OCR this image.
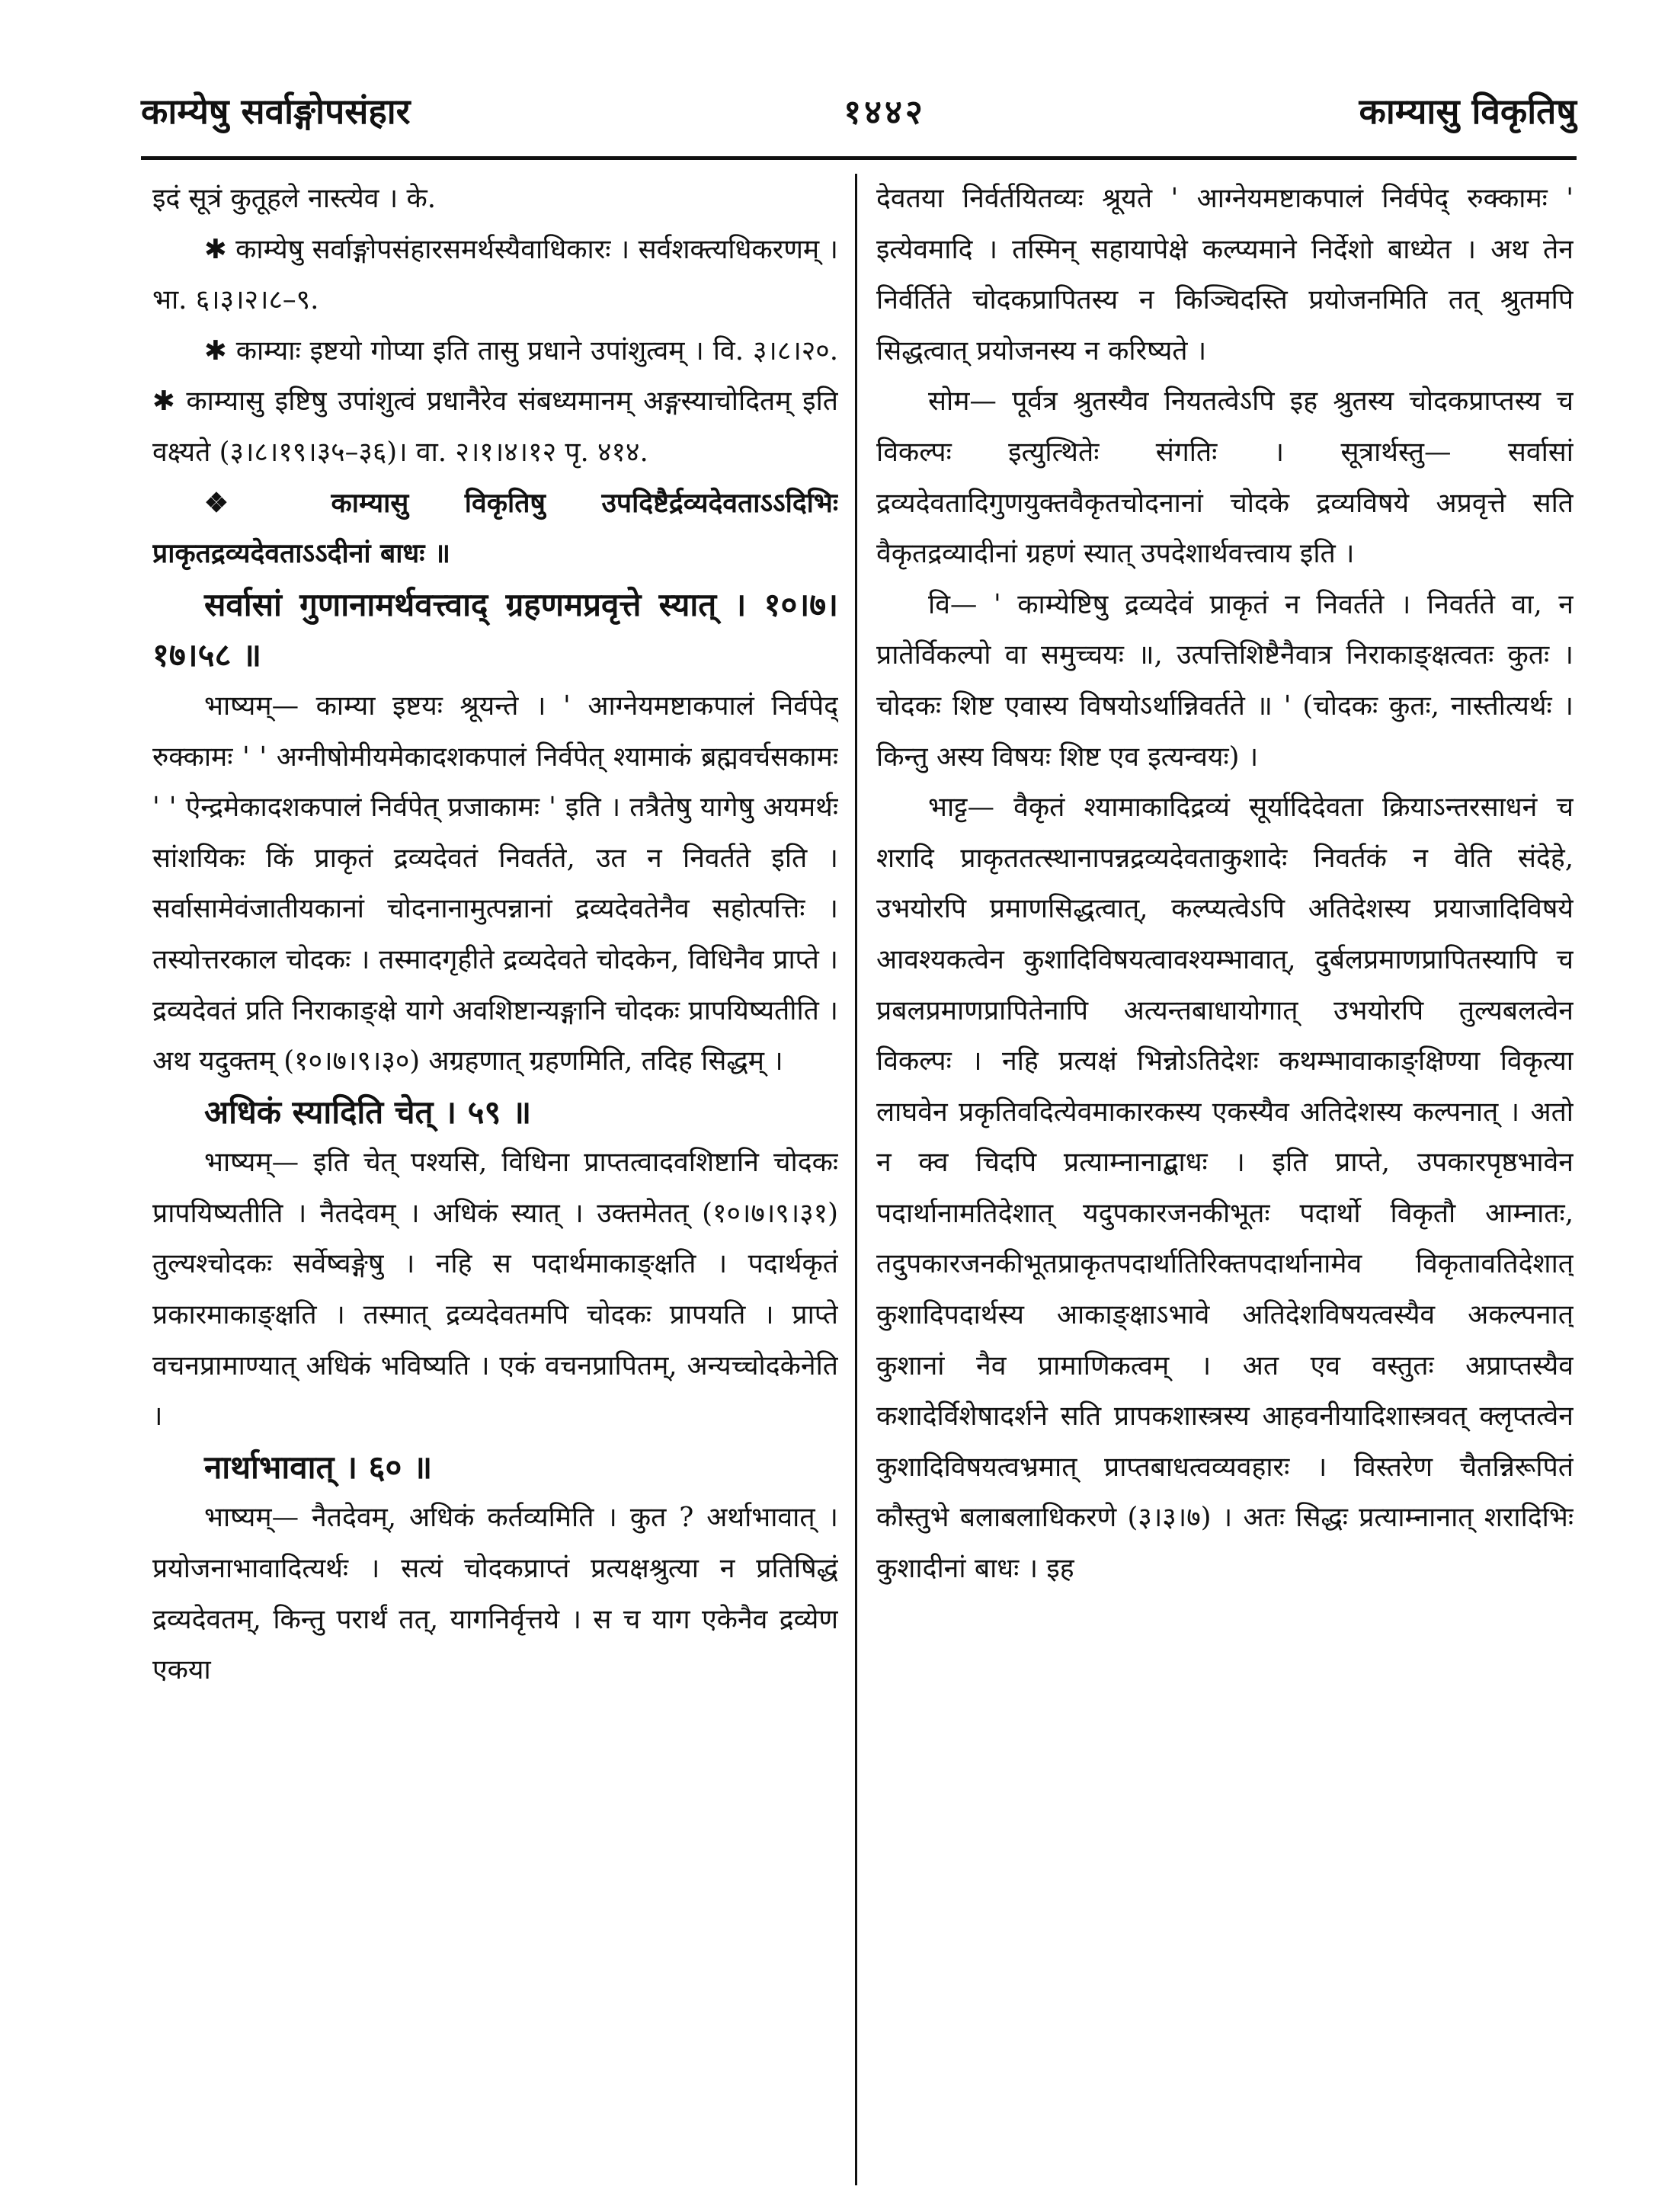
काम्येषु सर्वाङ्गोपसंहार	१४४२	काम्यासु विकृतिषु

इदं सूत्रं कुतूहले नास्त्येव । के.

✱ काम्येषु सर्वाङ्गोपसंहारसमर्थस्यैवाधिकारः । सर्वशक्त्यधिकरणम् । भा. ६।३।२।८–९.

✱ काम्याः इष्टयो गोप्या इति तासु प्रधाने उपांशुत्वम् । वि. ३।८।२०. ✱ काम्यासु इष्टिषु उपांशुत्वं प्रधानैरेव संबध्यमानम् अङ्गस्याचोदितम् इति वक्ष्यते (३।८।१९।३५–३६)। वा. २।१।४।१२ पृ. ४१४.

❖ काम्यासु विकृतिषु उपदिष्टैर्द्रव्यदेवताऽऽदिभिः प्राकृतद्रव्यदेवताऽऽदीनां बाधः ॥

सर्वासां गुणानामर्थवत्त्वाद् ग्रहणमप्रवृत्ते स्यात् । १०।७।१७।५८ ॥

भाष्यम्— काम्या इष्टयः श्रूयन्ते । ' आग्नेयमष्टाकपालं निर्वपेद् रुक्कामः ' ' अग्नीषोमीयमेकादशकपालं निर्वपेत् श्यामाकं ब्रह्मवर्चसकामः ' ' ऐन्द्रमेकादशकपालं निर्वपेत् प्रजाकामः ' इति । तत्रैतेषु यागेषु अयमर्थः सांशयिकः किं प्राकृतं द्रव्यदेवतं निवर्तते, उत न निवर्तते इति । सर्वासामेवंजातीयकानां चोदनानामुत्पन्नानां द्रव्यदेवतेनैव सहोत्पत्तिः । तस्योत्तरकाल चोदकः । तस्मादगृहीते द्रव्यदेवते चोदकेन, विधिनैव प्राप्ते । द्रव्यदेवतं प्रति निराकाङ्क्षे यागे अवशिष्टान्यङ्गानि चोदकः प्रापयिष्यतीति । अथ यदुक्तम् (१०।७।९।३०) अग्रहणात् ग्रहणमिति, तदिह सिद्धम् ।

अधिकं स्यादिति चेत् । ५९ ॥

भाष्यम्— इति चेत् पश्यसि, विधिना प्राप्तत्वादवशिष्टानि चोदकः प्रापयिष्यतीति । नैतदेवम् । अधिकं स्यात् । उक्तमेतत् (१०।७।९।३१) तुल्यश्चोदकः सर्वेष्वङ्गेषु । नहि स पदार्थमाकाङ्क्षति । पदार्थकृतं प्रकारमाकाङ्क्षति । तस्मात् द्रव्यदेवतमपि चोदकः प्रापयति । प्राप्ते वचनप्रामाण्यात् अधिकं भविष्यति । एकं वचनप्रापितम्, अन्यच्चोदकेनेति ।

नार्थाभावात् । ६० ॥

भाष्यम्— नैतदेवम्, अधिकं कर्तव्यमिति । कुत ? अर्थाभावात् । प्रयोजनाभावादित्यर्थः । सत्यं चोदकप्राप्तं प्रत्यक्षश्रुत्या न प्रतिषिद्धं द्रव्यदेवतम्, किन्तु परार्थं तत्, यागनिर्वृत्तये । स च याग एकेनैव द्रव्येण एकया

देवतया निर्वर्तयितव्यः श्रूयते ' आग्नेयमष्टाकपालं निर्वपेद् रुक्कामः ' इत्येवमादि । तस्मिन् सहायापेक्षे कल्प्यमाने निर्देशो बाध्येत । अथ तेन निर्वर्तिते चोदकप्रापितस्य न किञ्चिदस्ति प्रयोजनमिति तत् श्रुतमपि सिद्धत्वात् प्रयोजनस्य न करिष्यते ।

सोम— पूर्वत्र श्रुतस्यैव नियतत्वेऽपि इह श्रुतस्य चोदकप्राप्तस्य च विकल्पः इत्युत्थितेः संगतिः । सूत्रार्थस्तु— सर्वासां द्रव्यदेवतादिगुणयुक्तवैकृतचोदनानां चोदके द्रव्यविषये अप्रवृत्ते सति वैकृतद्रव्यादीनां ग्रहणं स्यात् उपदेशार्थवत्त्वाय इति ।

वि— ' काम्येष्टिषु द्रव्यदेवं प्राकृतं न निवर्तते । निवर्तते वा, न प्रातेर्विकल्पो वा समुच्चयः ॥, उत्पत्तिशिष्टैनैवात्र निराकाङ्क्षत्वतः कुतः । चोदकः शिष्ट एवास्य विषयोऽर्थान्निवर्तते ॥ ' (चोदकः कुतः, नास्तीत्यर्थः । किन्तु अस्य विषयः शिष्ट एव इत्यन्वयः) ।

भाट्ट— वैकृतं श्यामाकादिद्रव्यं सूर्यादिदेवता क्रियाऽन्तरसाधनं च शरादि प्राकृततत्स्थानापन्नद्रव्यदेवताकुशादेः निवर्तकं न वेति संदेहे, उभयोरपि प्रमाणसिद्धत्वात्, कल्प्यत्वेऽपि अतिदेशस्य प्रयाजादिविषये आवश्यकत्वेन कुशादिविषयत्वावश्यम्भावात्, दुर्बलप्रमाणप्रापितस्यापि च प्रबलप्रमाणप्रापितेनापि अत्यन्तबाधायोगात् उभयोरपि तुल्यबलत्वेन विकल्पः । नहि प्रत्यक्षं भिन्नोऽतिदेशः कथम्भावाकाङ्क्षिण्या विकृत्या लाघवेन प्रकृतिवदित्येवमाकारकस्य एकस्यैव अतिदेशस्य कल्पनात् । अतो न क्व चिदपि प्रत्याम्नानाद्बाधः । इति प्राप्ते, उपकारपृष्ठभावेन पदार्थानामतिदेशात् यदुपकारजनकीभूतः पदार्थो विकृतौ आम्नातः, तदुपकारजनकीभूतप्राकृतपदार्थातिरिक्तपदार्थानामेव विकृतावतिदेशात् कुशादिपदार्थस्य आकाङ्क्षाऽभावे अतिदेशविषयत्वस्यैव अकल्पनात् कुशानां नैव प्रामाणिकत्वम् । अत एव वस्तुतः अप्राप्तस्यैव कशादेर्विशेषादर्शने सति प्रापकशास्त्रस्य आहवनीयादिशास्त्रवत् क्लृप्तत्वेन कुशादिविषयत्वभ्रमात् प्राप्तबाधत्वव्यवहारः । विस्तरेण चैतन्निरूपितं कौस्तुभे बलाबलाधिकरणे (३।३।७) । अतः सिद्धः प्रत्याम्नानात् शरादिभिः कुशादीनां बाधः । इह
